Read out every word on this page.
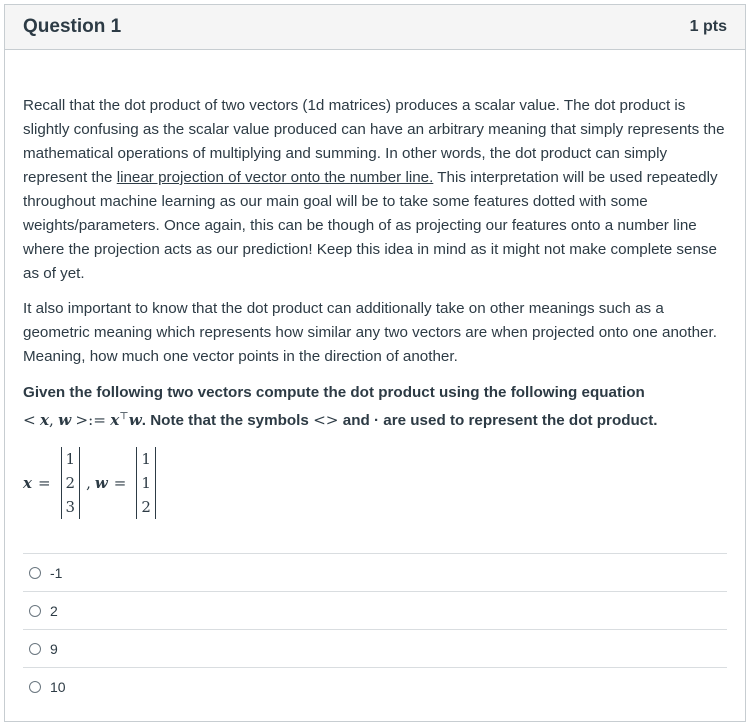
Question 1	1 pts

Recall that the dot product of two vectors (1d matrices) produces a scalar value. The dot product is slightly confusing as the scalar value produced can have an arbitrary meaning that simply represents the mathematical operations of multiplying and summing. In other words, the dot product can simply represent the linear projection of vector onto the number line. This interpretation will be used repeatedly throughout machine learning as our main goal will be to take some features dotted with some weights/parameters. Once again, this can be though of as projecting our features onto a number line where the projection acts as our prediction! Keep this idea in mind as it might not make complete sense as of yet.

It also important to know that the dot product can additionally take on other meanings such as a geometric meaning which represents how similar any two vectors are when projected onto one another. Meaning, how much one vector points in the direction of another.

Given the following two vectors compute the dot product using the following equation
< x, w >:= x⊤w. Note that the symbols <> and · are used to represent the dot product.
x =
1
2
3
, w =
1
1
2
-1
2
9
10
